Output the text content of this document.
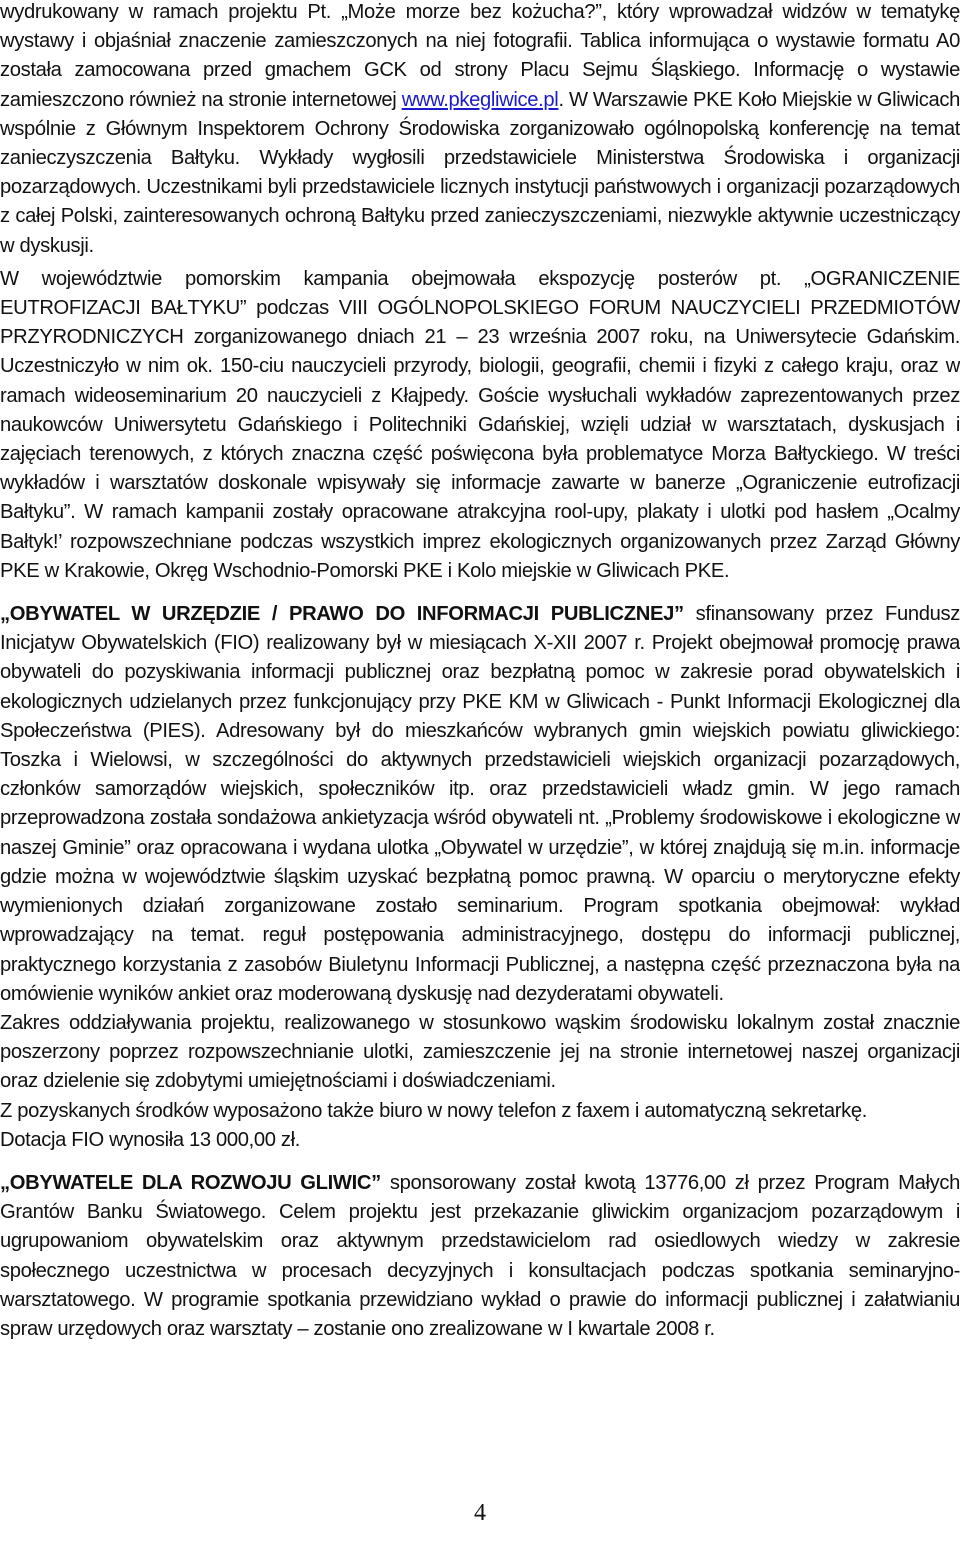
wydrukowany w ramach projektu Pt. „Może morze bez kożucha?”, który wprowadzał widzów w tematykę wystawy i objaśniał znaczenie zamieszczonych na niej fotografii. Tablica informująca o wystawie formatu A0 została zamocowana przed gmachem GCK od strony Placu Sejmu Śląskiego. Informację o wystawie zamieszczono również na stronie internetowej www.pkegliwice.pl. W Warszawie PKE Koło Miejskie w Gliwicach wspólnie z Głównym Inspektorem Ochrony Środowiska zorganizowało ogólnopolską konferencję na temat zanieczyszczenia Bałtyku. Wykłady wygłosili przedstawiciele Ministerstwa Środowiska i organizacji pozarządowych. Uczestnikami byli przedstawiciele licznych instytucji państwowych i organizacji pozarządowych z całej Polski, zainteresowanych ochroną Bałtyku przed zanieczyszczeniami, niezwykle aktywnie uczestniczący w dyskusji.

W województwie pomorskim kampania obejmowała ekspozycję posterów pt. „OGRANICZENIE EUTROFIZACJI BAŁTYKU” podczas VIII OGÓLNOPOLSKIEGO FORUM NAUCZYCIELI PRZEDMIOTÓW PRZYRODNICZYCH zorganizowanego dniach 21 – 23 września 2007 roku, na Uniwersytecie Gdańskim. Uczestniczyło w nim ok. 150-ciu nauczycieli przyrody, biologii, geografii, chemii i fizyki z całego kraju, oraz w ramach wideoseminarium 20 nauczycieli z Kłajpedy. Goście wysłuchali wykładów zaprezentowanych przez naukowców Uniwersytetu Gdańskiego i Politechniki Gdańskiej, wzięli udział w warsztatach, dyskusjach i zajęciach terenowych, z których znaczna część poświęcona była problematyce Morza Bałtyckiego. W treści wykładów i warsztatów doskonale wpisywały się informacje zawarte w banerze „Ograniczenie eutrofizacji Bałtyku”. W ramach kampanii zostały opracowane atrakcyjna rool-upy, plakaty i ulotki pod hasłem „Ocalmy Bałtyk!’ rozpowszechniane podczas wszystkich imprez ekologicznych organizowanych przez Zarząd Główny PKE w Krakowie, Okręg Wschodnio-Pomorski PKE i Kolo miejskie w Gliwicach PKE.

„OBYWATEL W URZĘDZIE / PRAWO DO INFORMACJI PUBLICZNEJ” sfinansowany przez Fundusz Inicjatyw Obywatelskich (FIO) realizowany był w miesiącach X-XII 2007 r. Projekt obejmował promocję prawa obywateli do pozyskiwania informacji publicznej oraz bezpłatną pomoc w zakresie porad obywatelskich i ekologicznych udzielanych przez funkcjonujący przy PKE KM w Gliwicach - Punkt Informacji Ekologicznej dla Społeczeństwa (PIES). Adresowany był do mieszkańców wybranych gmin wiejskich powiatu gliwickiego: Toszka i Wielowsi, w szczególności do aktywnych przedstawicieli wiejskich organizacji pozarządowych, członków samorządów wiejskich, społeczników itp. oraz przedstawicieli władz gmin. W jego ramach przeprowadzona została sondażowa ankietyzacja wśród obywateli nt. „Problemy środowiskowe i ekologiczne w naszej Gminie” oraz opracowana i wydana ulotka „Obywatel w urzędzie”, w której znajdują się m.in. informacje gdzie można w województwie śląskim uzyskać bezpłatną pomoc prawną. W oparciu o merytoryczne efekty wymienionych działań zorganizowane zostało seminarium. Program spotkania obejmował: wykład wprowadzający na temat. reguł postępowania administracyjnego, dostępu do informacji publicznej, praktycznego korzystania z zasobów Biuletynu Informacji Publicznej, a następna część przeznaczona była na omówienie wyników ankiet oraz moderowaną dyskusję nad dezyderatami obywateli.

Zakres oddziaływania projektu, realizowanego w stosunkowo wąskim środowisku lokalnym został znacznie poszerzony poprzez rozpowszechnianie ulotki, zamieszczenie jej na stronie internetowej naszej organizacji oraz dzielenie się zdobytymi umiejętnościami i doświadczeniami.

Z pozyskanych środków wyposażono także biuro w nowy telefon z faxem i automatyczną sekretarkę.

Dotacja FIO wynosiła 13 000,00 zł.

„OBYWATELE DLA ROZWOJU GLIWIC” sponsorowany został kwotą 13776,00 zł przez Program Małych Grantów Banku Światowego. Celem projektu jest przekazanie gliwickim organizacjom pozarządowym i ugrupowaniom obywatelskim oraz aktywnym przedstawicielom rad osiedlowych wiedzy w zakresie społecznego uczestnictwa w procesach decyzyjnych i konsultacjach podczas spotkania seminaryjno-warsztatowego. W programie spotkania przewidziano wykład o prawie do informacji publicznej i załatwianiu spraw urzędowych oraz warsztaty – zostanie ono zrealizowane w I kwartale 2008 r.

4
